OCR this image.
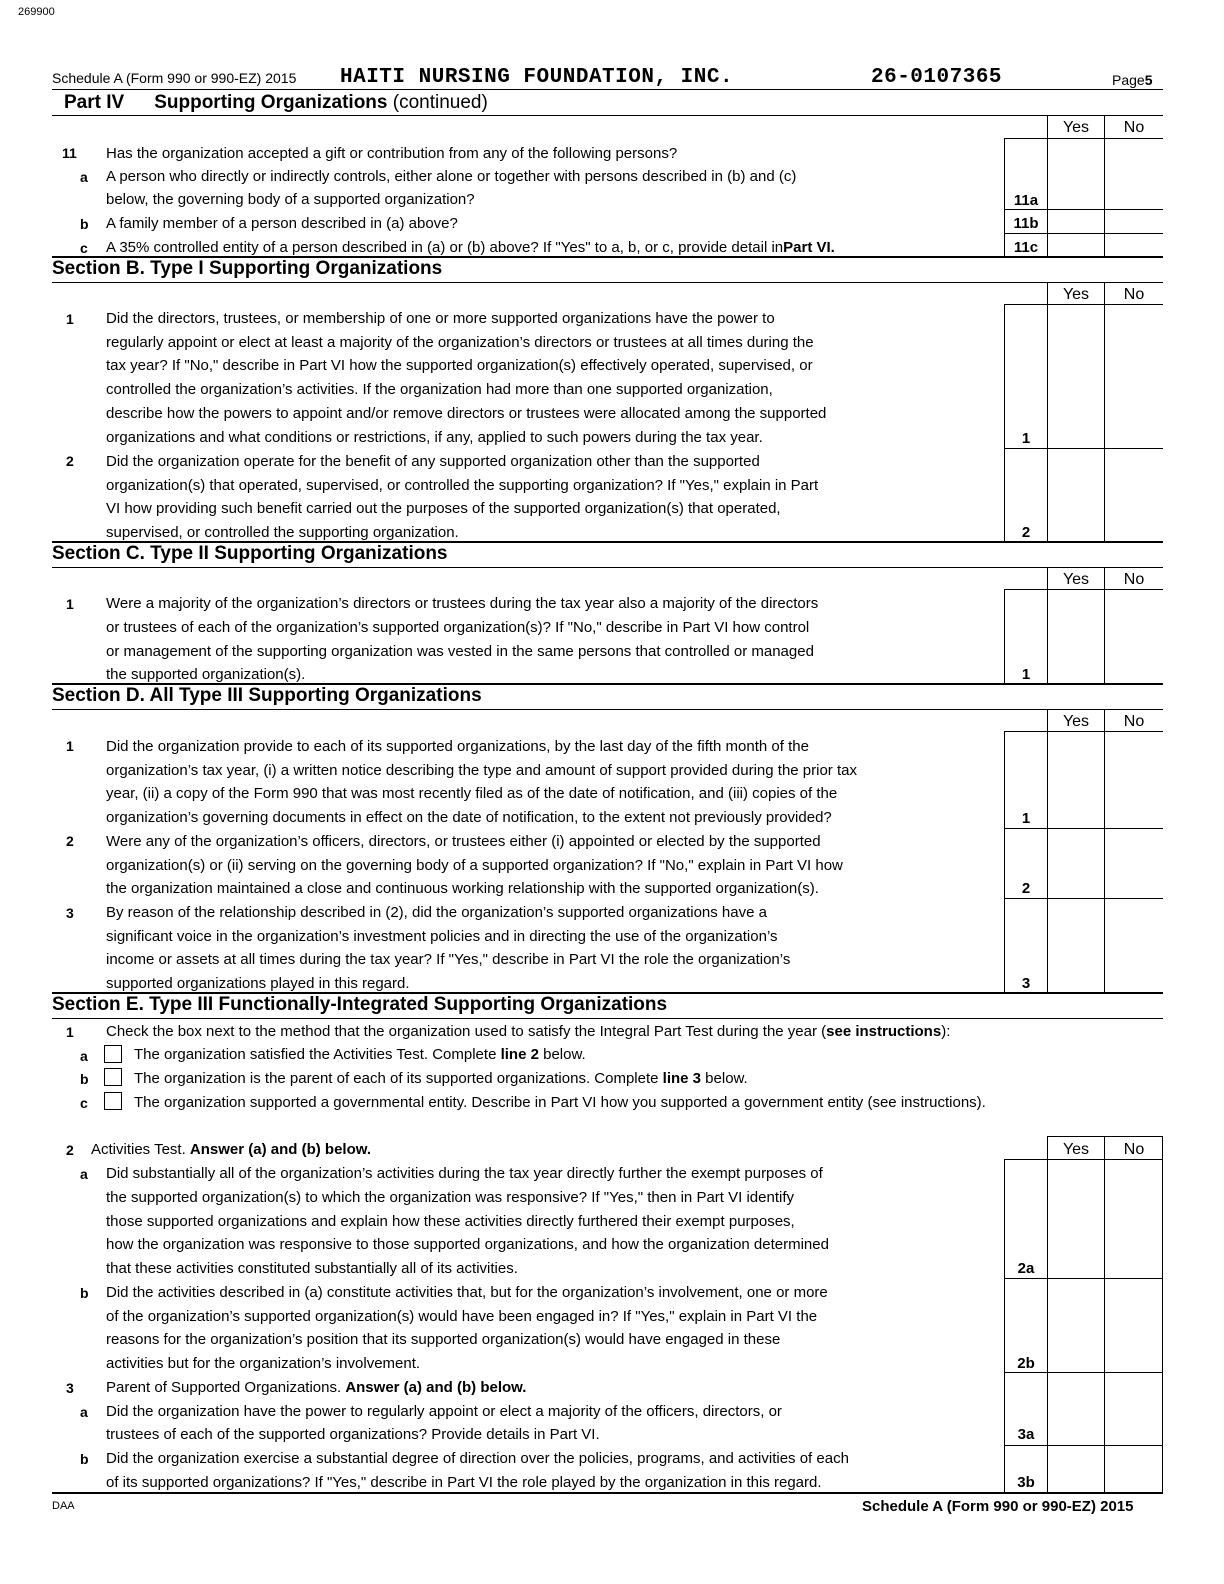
269900
Schedule A (Form 990 or 990-EZ) 2015 HAITI NURSING FOUNDATION, INC.	26-0107365	Page5
Part IV Supporting Organizations (continued)
Yes	No
11 Has the organization accepted a gift or contribution from any of the following persons?
a A person who directly or indirectly controls, either alone or together with persons described in (b) and (c)
below, the governing body of a supported organization?	11a
b A family member of a person described in (a) above?	11b
c A 35% controlled entity of a person described in (a) or (b) above? If "Yes" to a, b, or c, provide detail inPart VI.	11c
Section B. Type I Supporting Organizations
Yes	No
1 Did the directors, trustees, or membership of one or more supported organizations have the power to
regularly appoint or elect at least a majority of the organization’s directors or trustees at all times during the
tax year? If "No," describe in Part VI how the supported organization(s) effectively operated, supervised, or
controlled the organization’s activities. If the organization had more than one supported organization,
describe how the powers to appoint and/or remove directors or trustees were allocated among the supported
organizations and what conditions or restrictions, if any, applied to such powers during the tax year.	1
2 Did the organization operate for the benefit of any supported organization other than the supported
organization(s) that operated, supervised, or controlled the supporting organization? If "Yes," explain in Part
VI how providing such benefit carried out the purposes of the supported organization(s) that operated,
supervised, or controlled the supporting organization.	2
Section C. Type II Supporting Organizations
Yes	No
1 Were a majority of the organization’s directors or trustees during the tax year also a majority of the directors
or trustees of each of the organization’s supported organization(s)? If "No," describe in Part VI how control
or management of the supporting organization was vested in the same persons that controlled or managed
the supported organization(s).	1
Section D. All Type III Supporting Organizations
Yes	No
1 Did the organization provide to each of its supported organizations, by the last day of the fifth month of the
organization’s tax year, (i) a written notice describing the type and amount of support provided during the prior tax
year, (ii) a copy of the Form 990 that was most recently filed as of the date of notification, and (iii) copies of the
organization’s governing documents in effect on the date of notification, to the extent not previously provided?	1
2 Were any of the organization’s officers, directors, or trustees either (i) appointed or elected by the supported
organization(s) or (ii) serving on the governing body of a supported organization? If "No," explain in Part VI how
the organization maintained a close and continuous working relationship with the supported organization(s).	2
3 By reason of the relationship described in (2), did the organization’s supported organizations have a
significant voice in the organization’s investment policies and in directing the use of the organization’s
income or assets at all times during the tax year? If "Yes," describe in Part VI the role the organization’s
supported organizations played in this regard.	3
Section E. Type III Functionally-Integrated Supporting Organizations
1 Check the box next to the method that the organization used to satisfy the Integral Part Test during the year (see instructions):
a	The organization satisfied the Activities Test. Complete line 2 below.
b	The organization is the parent of each of its supported organizations. Complete line 3 below.
c	The organization supported a governmental entity. Describe in Part VI how you supported a government entity (see instructions).
Yes	No
2 Activities Test. Answer (a) and (b) below.
a Did substantially all of the organization’s activities during the tax year directly further the exempt purposes of
the supported organization(s) to which the organization was responsive? If "Yes," then in Part VI identify
those supported organizations and explain how these activities directly furthered their exempt purposes,
how the organization was responsive to those supported organizations, and how the organization determined
that these activities constituted substantially all of its activities.	2a
b Did the activities described in (a) constitute activities that, but for the organization’s involvement, one or more
of the organization’s supported organization(s) would have been engaged in? If "Yes," explain in Part VI the
reasons for the organization’s position that its supported organization(s) would have engaged in these
activities but for the organization’s involvement.	2b
3 Parent of Supported Organizations. Answer (a) and (b) below.
a Did the organization have the power to regularly appoint or elect a majority of the officers, directors, or
trustees of each of the supported organizations? Provide details in Part VI.	3a
b Did the organization exercise a substantial degree of direction over the policies, programs, and activities of each
of its supported organizations? If "Yes," describe in Part VI the role played by the organization in this regard.	3b
DAA	Schedule A (Form 990 or 990-EZ) 2015
